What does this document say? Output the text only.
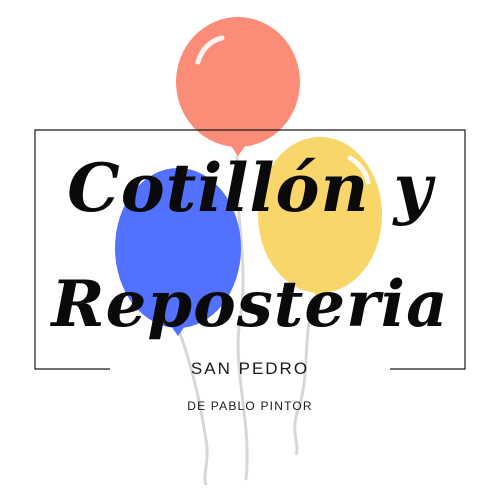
Cotillón y
Reposteria
SAN PEDRO
DE PABLO PINTOR
